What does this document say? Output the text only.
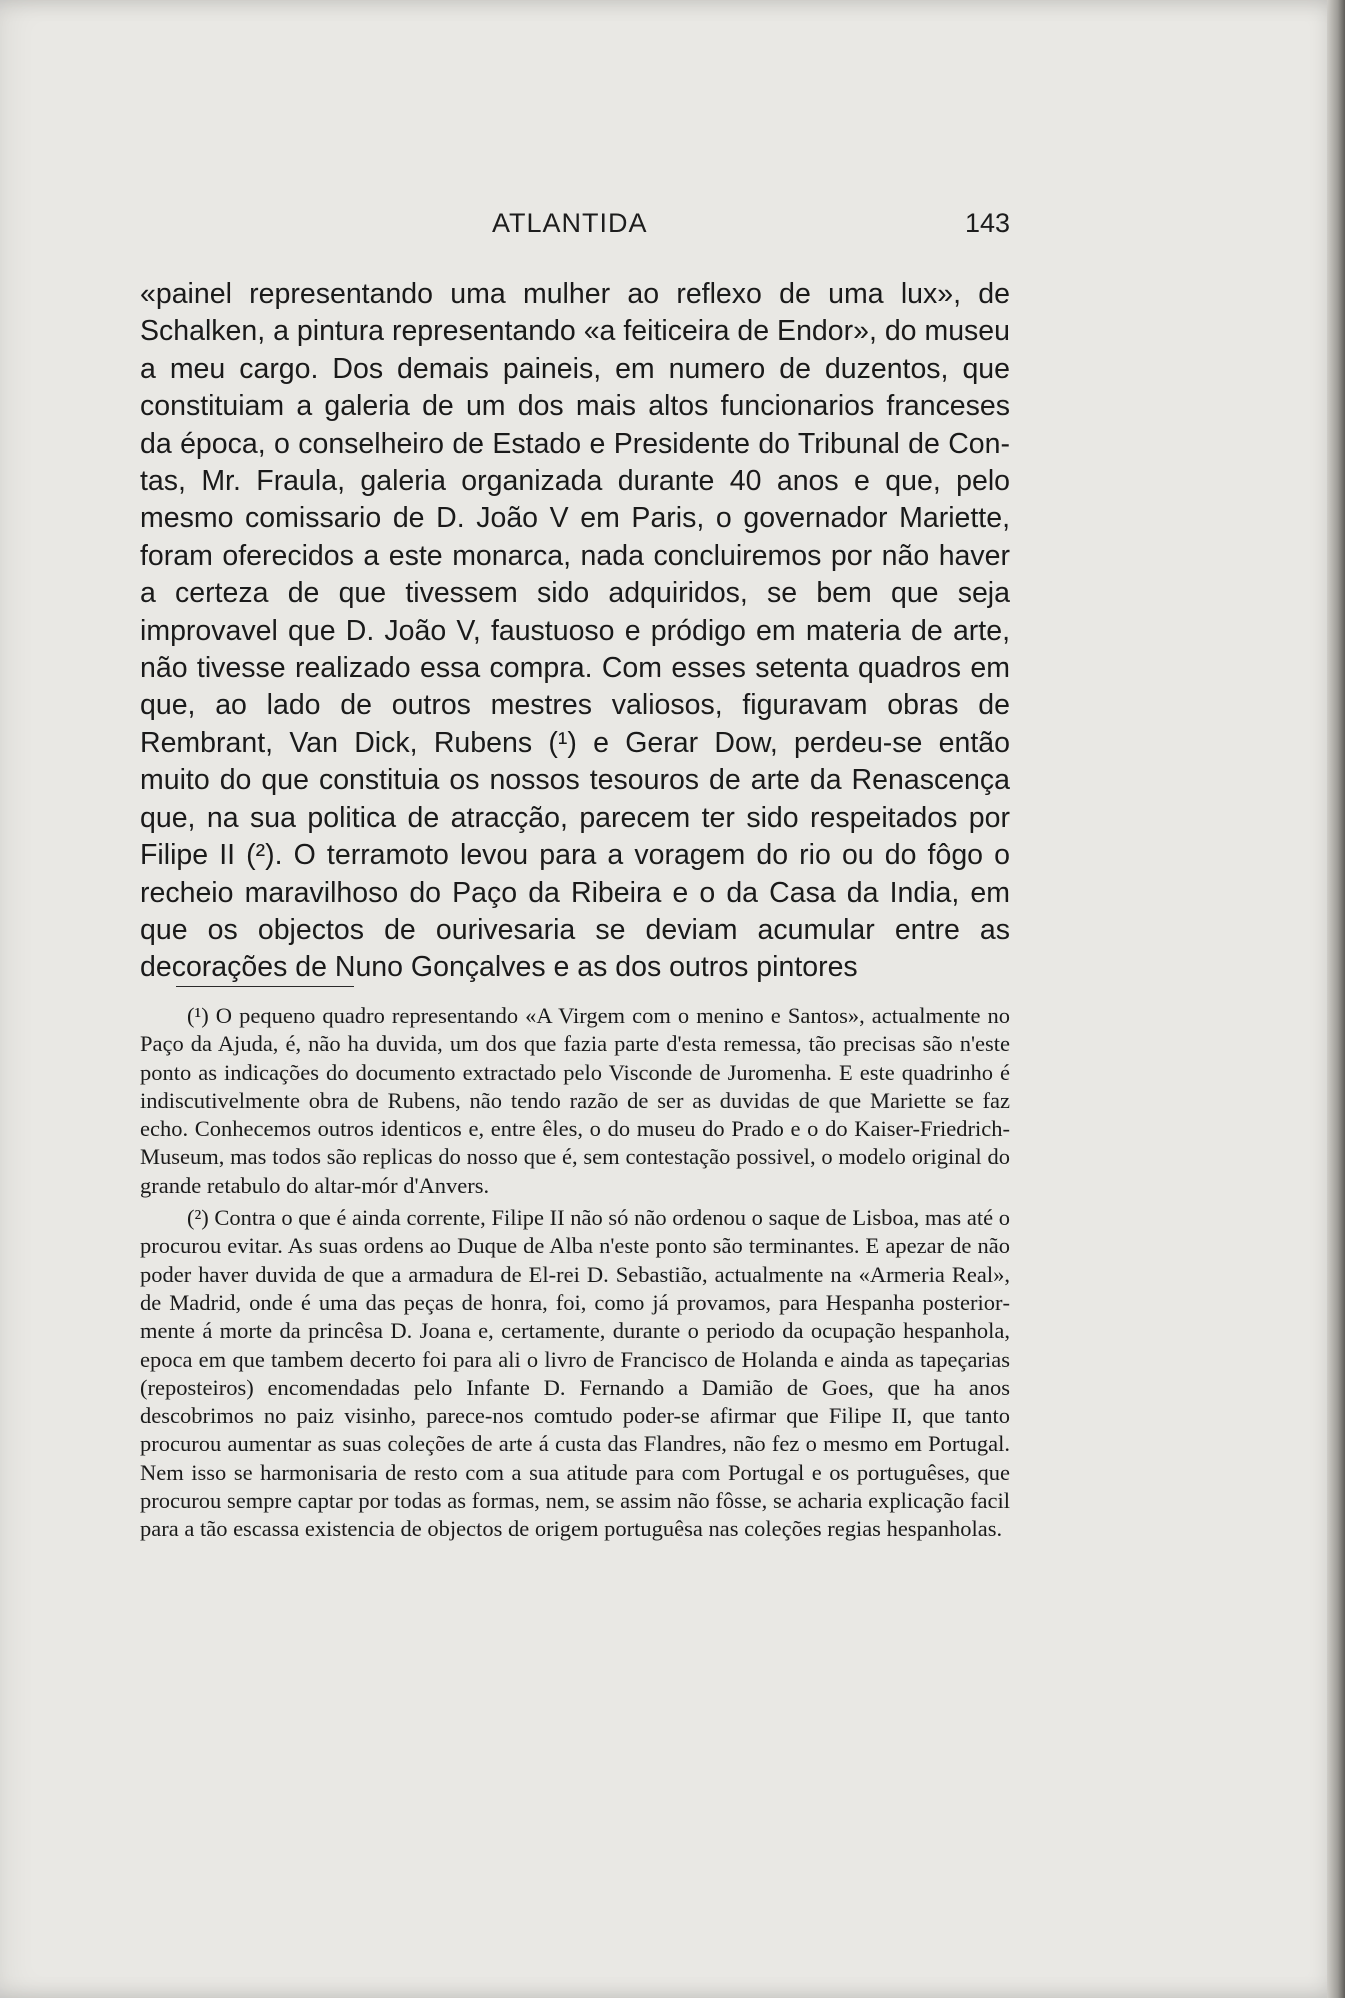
ATLANTIDA	143

«painel representando uma mulher ao reflexo de uma lux», de Schalken, a pintura representando «a feiticeira de Endor», do museu a meu cargo. Dos demais paineis, em numero de duzentos, que constituiam a galeria de um dos mais altos funcionarios franceses da época, o conselheiro de Estado e Presidente do Tribunal de Contas, Mr. Fraula, galeria organizada durante 40 anos e que, pelo mesmo comissario de D. João V em Paris, o governador Mariette, foram oferecidos a este monarca, nada concluiremos por não haver a certeza de que tivessem sido adquiridos, se bem que seja improvavel que D. João V, faustuoso e pródigo em materia de arte, não tivesse realizado essa compra. Com esses setenta quadros em que, ao lado de outros mestres valiosos, figuravam obras de Rembrant, Van Dick, Rubens (¹) e Gerar Dow, perdeu-se então muito do que constituia os nossos tesouros de arte da Renascença que, na sua politica de atracção, parecem ter sido respeitados por Filipe II (²). O terramoto levou para a voragem do rio ou do fôgo o recheio maravilhoso do Paço da Ribeira e o da Casa da India, em que os objectos de ourivesaria se deviam acumular entre as decorações de Nuno Gonçalves e as dos outros pintores

(¹) O pequeno quadro representando «A Virgem com o menino e Santos», actualmente no Paço da Ajuda, é, não ha duvida, um dos que fazia parte d'esta remessa, tão precisas são n'este ponto as indicações do documento extractado pelo Visconde de Juromenha. E este quadrinho é indiscutivelmente obra de Rubens, não tendo razão de ser as duvidas de que Mariette se faz echo. Conhecemos outros identicos e, entre êles, o do museu do Prado e o do Kaiser-Friedrich-Museum, mas todos são replicas do nosso que é, sem contestação possivel, o modelo original do grande retabulo do altar-mór d'Anvers.

(²) Contra o que é ainda corrente, Filipe II não só não ordenou o saque de Lisboa, mas até o procurou evitar. As suas ordens ao Duque de Alba n'este ponto são terminantes. E apezar de não poder haver duvida de que a armadura de El-rei D. Sebastião, actualmente na «Armeria Real», de Madrid, onde é uma das peças de honra, foi, como já provamos, para Hespanha posteriormente á morte da princêsa D. Joana e, certamente, durante o periodo da ocupação hespanhola, epoca em que tambem decerto foi para ali o livro de Francisco de Holanda e ainda as tapeçarias (reposteiros) encomendadas pelo Infante D. Fernando a Damião de Goes, que ha anos descobrimos no paiz visinho, parece-nos comtudo poder-se afirmar que Filipe II, que tanto procurou aumentar as suas coleções de arte á custa das Flandres, não fez o mesmo em Portugal. Nem isso se harmonisaria de resto com a sua atitude para com Portugal e os portuguêses, que procurou sempre captar por todas as formas, nem, se assim não fôsse, se acharia explicação facil para a tão escassa existencia de objectos de origem portuguêsa nas coleções regias hespanholas.
